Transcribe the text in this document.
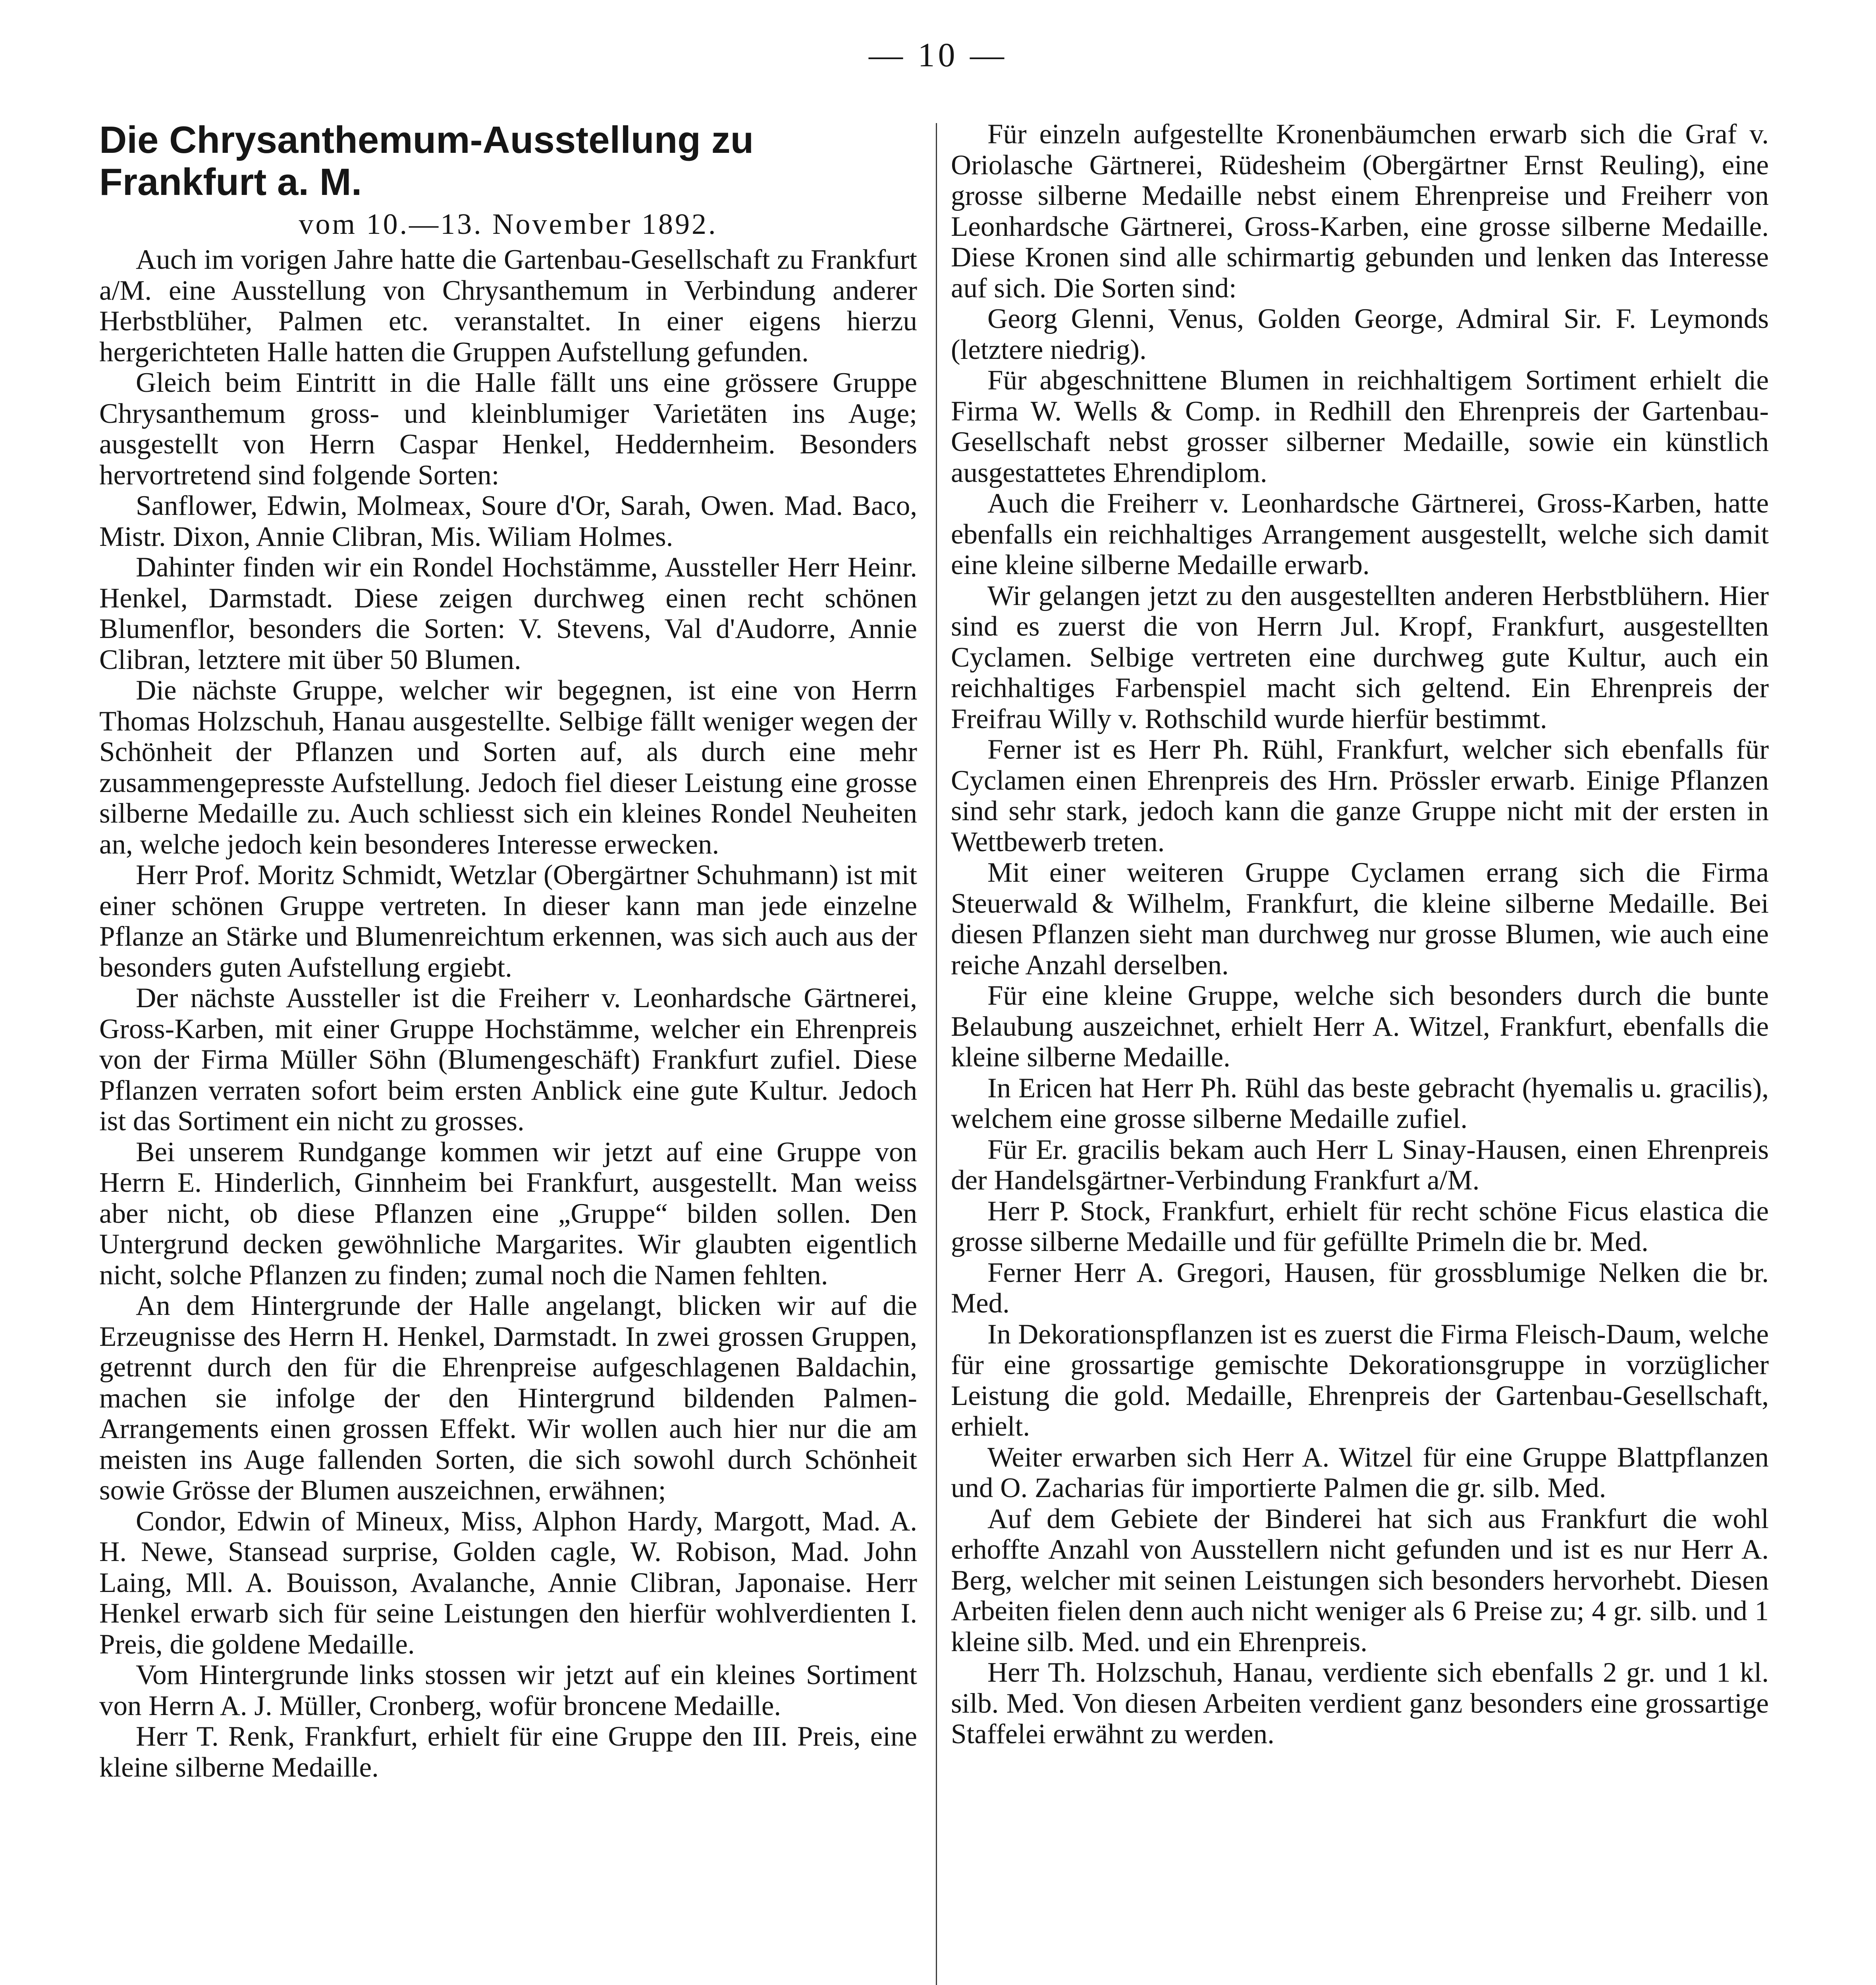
— 10 —
Die Chrysanthemum-Ausstellung zu Frankfurt a. M.

vom 10.—13. November 1892.

Auch im vorigen Jahre hatte die Gartenbau-Gesellschaft zu Frankfurt a/M. eine Ausstellung von Chrysanthemum in Verbindung anderer Herbstblüher, Palmen etc. veranstaltet. In einer eigens hierzu hergerichteten Halle hatten die Gruppen Aufstellung gefunden.

Gleich beim Eintritt in die Halle fällt uns eine grössere Gruppe Chrysanthemum gross- und kleinblumiger Varietäten ins Auge; ausgestellt von Herrn Caspar Henkel, Heddernheim. Besonders hervortretend sind folgende Sorten:

Sanflower, Edwin, Molmeax, Soure d'Or, Sarah, Owen. Mad. Baco, Mistr. Dixon, Annie Clibran, Mis. Wiliam Holmes.

Dahinter finden wir ein Rondel Hochstämme, Aussteller Herr Heinr. Henkel, Darmstadt. Diese zeigen durchweg einen recht schönen Blumenflor, besonders die Sorten: V. Stevens, Val d'Audorre, Annie Clibran, letztere mit über 50 Blumen.

Die nächste Gruppe, welcher wir begegnen, ist eine von Herrn Thomas Holzschuh, Hanau ausgestellte. Selbige fällt weniger wegen der Schönheit der Pflanzen und Sorten auf, als durch eine mehr zusammengepresste Aufstellung. Jedoch fiel dieser Leistung eine grosse silberne Medaille zu. Auch schliesst sich ein kleines Rondel Neuheiten an, welche jedoch kein besonderes Interesse erwecken.

Herr Prof. Moritz Schmidt, Wetzlar (Obergärtner Schuhmann) ist mit einer schönen Gruppe vertreten. In dieser kann man jede einzelne Pflanze an Stärke und Blumenreichtum erkennen, was sich auch aus der besonders guten Aufstellung ergiebt.

Der nächste Aussteller ist die Freiherr v. Leonhardsche Gärtnerei, Gross-Karben, mit einer Gruppe Hochstämme, welcher ein Ehrenpreis von der Firma Müller Söhn (Blumengeschäft) Frankfurt zufiel. Diese Pflanzen verraten sofort beim ersten Anblick eine gute Kultur. Jedoch ist das Sortiment ein nicht zu grosses.

Bei unserem Rundgange kommen wir jetzt auf eine Gruppe von Herrn E. Hinderlich, Ginnheim bei Frankfurt, ausgestellt. Man weiss aber nicht, ob diese Pflanzen eine „Gruppe“ bilden sollen. Den Untergrund decken gewöhnliche Margarites. Wir glaubten eigentlich nicht, solche Pflanzen zu finden; zumal noch die Namen fehlten.

An dem Hintergrunde der Halle angelangt, blicken wir auf die Erzeugnisse des Herrn H. Henkel, Darmstadt. In zwei grossen Gruppen, getrennt durch den für die Ehrenpreise aufgeschlagenen Baldachin, machen sie infolge der den Hintergrund bildenden Palmen-Arrangements einen grossen Effekt. Wir wollen auch hier nur die am meisten ins Auge fallenden Sorten, die sich sowohl durch Schönheit sowie Grösse der Blumen auszeichnen, erwähnen;

Condor, Edwin of Mineux, Miss, Alphon Hardy, Margott, Mad. A. H. Newe, Stansead surprise, Golden cagle, W. Robison, Mad. John Laing, Mll. A. Bouisson, Avalanche, Annie Clibran, Japonaise. Herr Henkel erwarb sich für seine Leistungen den hierfür wohlverdienten I. Preis, die goldene Medaille.

Vom Hintergrunde links stossen wir jetzt auf ein kleines Sortiment von Herrn A. J. Müller, Cronberg, wofür broncene Medaille.

Herr T. Renk, Frankfurt, erhielt für eine Gruppe den III. Preis, eine kleine silberne Medaille.

Für einzeln aufgestellte Kronenbäumchen erwarb sich die Graf v. Oriolasche Gärtnerei, Rüdesheim (Obergärtner Ernst Reuling), eine grosse silberne Medaille nebst einem Ehrenpreise und Freiherr von Leonhardsche Gärtnerei, Gross-Karben, eine grosse silberne Medaille. Diese Kronen sind alle schirmartig gebunden und lenken das Interesse auf sich. Die Sorten sind:

Georg Glenni, Venus, Golden George, Admiral Sir. F. Leymonds (letztere niedrig).

Für abgeschnittene Blumen in reichhaltigem Sortiment erhielt die Firma W. Wells & Comp. in Redhill den Ehrenpreis der Gartenbau-Gesellschaft nebst grosser silberner Medaille, sowie ein künstlich ausgestattetes Ehrendiplom.

Auch die Freiherr v. Leonhardsche Gärtnerei, Gross-Karben, hatte ebenfalls ein reichhaltiges Arrangement ausgestellt, welche sich damit eine kleine silberne Medaille erwarb.

Wir gelangen jetzt zu den ausgestellten anderen Herbstblühern. Hier sind es zuerst die von Herrn Jul. Kropf, Frankfurt, ausgestellten Cyclamen. Selbige vertreten eine durchweg gute Kultur, auch ein reichhaltiges Farbenspiel macht sich geltend. Ein Ehrenpreis der Freifrau Willy v. Rothschild wurde hierfür bestimmt.

Ferner ist es Herr Ph. Rühl, Frankfurt, welcher sich ebenfalls für Cyclamen einen Ehrenpreis des Hrn. Prössler erwarb. Einige Pflanzen sind sehr stark, jedoch kann die ganze Gruppe nicht mit der ersten in Wettbewerb treten.

Mit einer weiteren Gruppe Cyclamen errang sich die Firma Steuerwald & Wilhelm, Frankfurt, die kleine silberne Medaille. Bei diesen Pflanzen sieht man durchweg nur grosse Blumen, wie auch eine reiche Anzahl derselben.

Für eine kleine Gruppe, welche sich besonders durch die bunte Belaubung auszeichnet, erhielt Herr A. Witzel, Frankfurt, ebenfalls die kleine silberne Medaille.

In Ericen hat Herr Ph. Rühl das beste gebracht (hyemalis u. gracilis), welchem eine grosse silberne Medaille zufiel.

Für Er. gracilis bekam auch Herr L Sinay-Hausen, einen Ehrenpreis der Handelsgärtner-Verbindung Frankfurt a/M.

Herr P. Stock, Frankfurt, erhielt für recht schöne Ficus elastica die grosse silberne Medaille und für gefüllte Primeln die br. Med.

Ferner Herr A. Gregori, Hausen, für grossblumige Nelken die br. Med.

In Dekorationspflanzen ist es zuerst die Firma Fleisch-Daum, welche für eine grossartige gemischte Dekorationsgruppe in vorzüglicher Leistung die gold. Medaille, Ehrenpreis der Gartenbau-Gesellschaft, erhielt.

Weiter erwarben sich Herr A. Witzel für eine Gruppe Blattpflanzen und O. Zacharias für importierte Palmen die gr. silb. Med.

Auf dem Gebiete der Binderei hat sich aus Frankfurt die wohl erhoffte Anzahl von Ausstellern nicht gefunden und ist es nur Herr A. Berg, welcher mit seinen Leistungen sich besonders hervorhebt. Diesen Arbeiten fielen denn auch nicht weniger als 6 Preise zu; 4 gr. silb. und 1 kleine silb. Med. und ein Ehrenpreis.

Herr Th. Holzschuh, Hanau, verdiente sich ebenfalls 2 gr. und 1 kl. silb. Med. Von diesen Arbeiten verdient ganz besonders eine grossartige Staffelei erwähnt zu werden.
